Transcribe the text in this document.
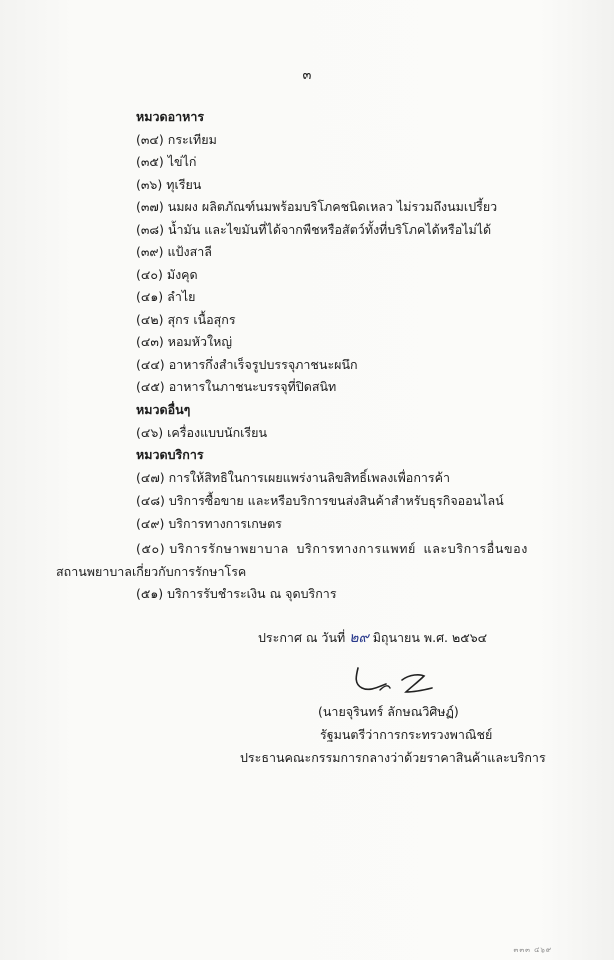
๓
หมวดอาหาร
(๓๔) กระเทียม
(๓๕) ไข่ไก่
(๓๖) ทุเรียน
(๓๗) นมผง ผลิตภัณฑ์นมพร้อมบริโภคชนิดเหลว ไม่รวมถึงนมเปรี้ยว
(๓๘) น้ำมัน และไขมันที่ได้จากพืชหรือสัตว์ทั้งที่บริโภคได้หรือไม่ได้
(๓๙) แป้งสาลี
(๔๐) มังคุด
(๔๑) ลำไย
(๔๒) สุกร เนื้อสุกร
(๔๓) หอมหัวใหญ่
(๔๔) อาหารกึ่งสำเร็จรูปบรรจุภาชนะผนึก
(๔๕) อาหารในภาชนะบรรจุที่ปิดสนิท
หมวดอื่นๆ
(๔๖) เครื่องแบบนักเรียน
หมวดบริการ
(๔๗) การให้สิทธิในการเผยแพร่งานลิขสิทธิ์เพลงเพื่อการค้า
(๔๘) บริการซื้อขาย และหรือบริการขนส่งสินค้าสำหรับธุรกิจออนไลน์
(๔๙) บริการทางการเกษตร
(๕๐) บริการรักษาพยาบาล บริการทางการแพทย์ และบริการอื่นของ
สถานพยาบาลเกี่ยวกับการรักษาโรค
(๕๑) บริการรับชำระเงิน ณ จุดบริการ
ประกาศ ณ วันที่ ๒๙ มิถุนายน พ.ศ. ๒๕๖๔
(นายจุรินทร์ ลักษณวิศิษฏ์)
รัฐมนตรีว่าการกระทรวงพาณิชย์
ประธานคณะกรรมการกลางว่าด้วยราคาสินค้าและบริการ
๓๓๓ ๔๖๙
